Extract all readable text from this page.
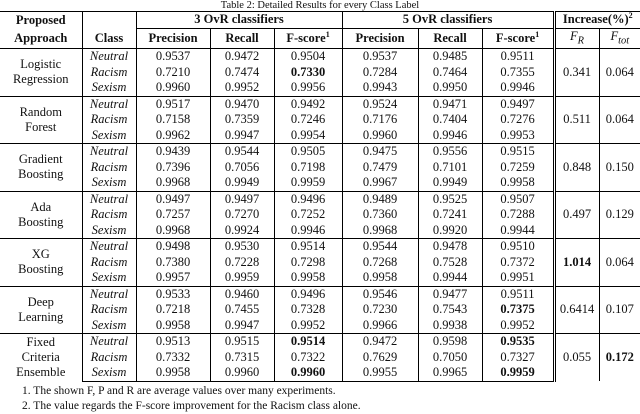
Table 2: Detailed Results for every Class Label
Proposed		3 OvR classifiers			5 OvR classifiers			Increase(%)$^2$
Approach	Class	Precision	Recall	F-score$^1$	Precision	Recall	F-score$^1$	$F_R$	$F_{tot}$

Logistic
Regression	Neutral	0.9537	0.9472	0.9504	0.9537	0.9485	0.9511	0.341	0.064
	Racism	0.7210	0.7474	0.7330	0.7284	0.7464	0.7355		
	Sexism	0.9960	0.9952	0.9956	0.9943	0.9950	0.9946		

Random
Forest	Neutral	0.9517	0.9470	0.9492	0.9524	0.9471	0.9497	0.511	0.064
	Racism	0.7158	0.7359	0.7246	0.7176	0.7404	0.7276		
	Sexism	0.9962	0.9947	0.9954	0.9960	0.9946	0.9953		

Gradient
Boosting	Neutral	0.9439	0.9544	0.9505	0.9475	0.9556	0.9515	0.848	0.150
	Racism	0.7396	0.7056	0.7198	0.7479	0.7101	0.7259		
	Sexism	0.9968	0.9949	0.9959	0.9967	0.9949	0.9958		

Ada
Boosting	Neutral	0.9497	0.9497	0.9496	0.9489	0.9525	0.9507	0.497	0.129
	Racism	0.7257	0.7270	0.7252	0.7360	0.7241	0.7288		
	Sexism	0.9968	0.9924	0.9946	0.9968	0.9920	0.9944		

XG
Boosting	Neutral	0.9498	0.9530	0.9514	0.9544	0.9478	0.9510	1.014	0.064
	Racism	0.7380	0.7228	0.7298	0.7268	0.7528	0.7372		
	Sexism	0.9957	0.9959	0.9958	0.9958	0.9944	0.9951		

Deep
Learning	Neutral	0.9533	0.9460	0.9496	0.9546	0.9477	0.9511	0.6414	0.107
	Racism	0.7218	0.7455	0.7328	0.7230	0.7543	0.7375		
	Sexism	0.9958	0.9947	0.9952	0.9966	0.9938	0.9952		

Fixed
Criteria
Ensemble	Neutral	0.9513	0.9515	0.9514	0.9472	0.9598	0.9535	0.055	0.172
	Racism	0.7332	0.7315	0.7322	0.7629	0.7050	0.7327		
	Sexism	0.9958	0.9960	0.9960	0.9955	0.9965	0.9959		
1. The shown F, P and R are average values over many experiments.
2. The value regards the F-score improvement for the Racism class alone.
